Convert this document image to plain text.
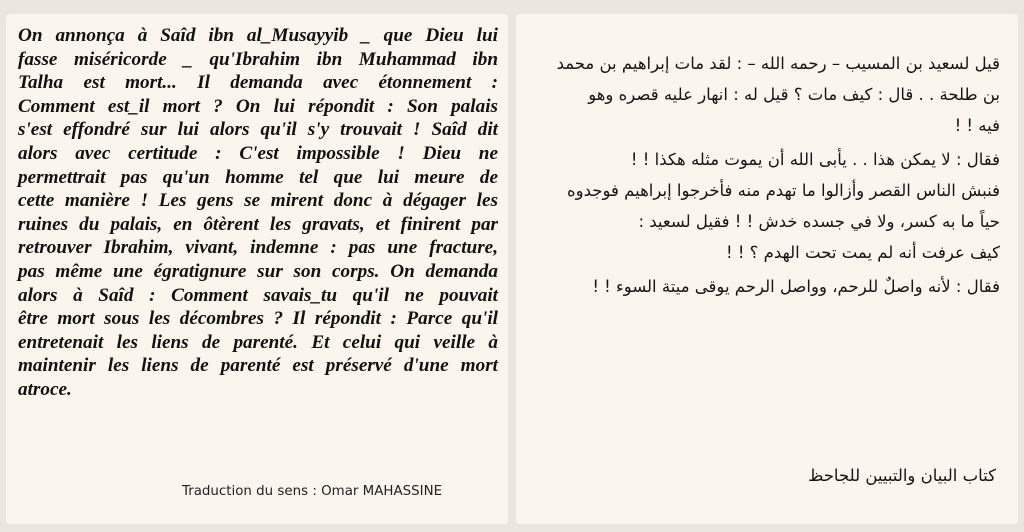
On annonça à Saîd ibn al_Musayyib _ que Dieu lui
fasse miséricorde _ qu'Ibrahim ibn Muhammad ibn
Talha est mort... Il demanda avec étonnement :
Comment est_il mort ? On lui répondit : Son palais
s'est effondré sur lui alors qu'il s'y trouvait ! Saîd dit
alors avec certitude : C'est impossible ! Dieu ne
permettrait pas qu'un homme tel que lui meure de
cette manière ! Les gens se mirent donc à dégager les
ruines du palais, en ôtèrent les gravats, et finirent par
retrouver Ibrahim, vivant, indemne : pas une fracture,
pas même une égratignure sur son corps. On demanda
alors à Saîd : Comment savais_tu qu'il ne pouvait
être mort sous les décombres ? Il répondit : Parce qu'il
entretenait les liens de parenté. Et celui qui veille à
maintenir les liens de parenté est préservé d'une mort
atroce.

Traduction du sens : Omar MAHASSINE
قيل لسعيد بن المسيب – رحمه الله – : لقد مات إبراهيم بن محمد
بن طلحة . . قال : كيف مات ؟ قيل له : انهار عليه قصره وهو
فيه ! !
فقال : لا يمكن هذا . . يأبى الله أن يموت مثله هكذا ! !
فنبش الناس القصر وأزالوا ما تهدم منه فأخرجوا إبراهيم فوجدوه
حياً ما به كسر، ولا في جسده خدش ! ! فقيل لسعيد :
كيف عرفت أنه لم يمت تحت الهدم ؟ ! !
فقال : لأنه واصلٌ للرحم، وواصل الرحم يوقى ميتة السوء ! !
كتاب البيان والتبيين للجاحظ
